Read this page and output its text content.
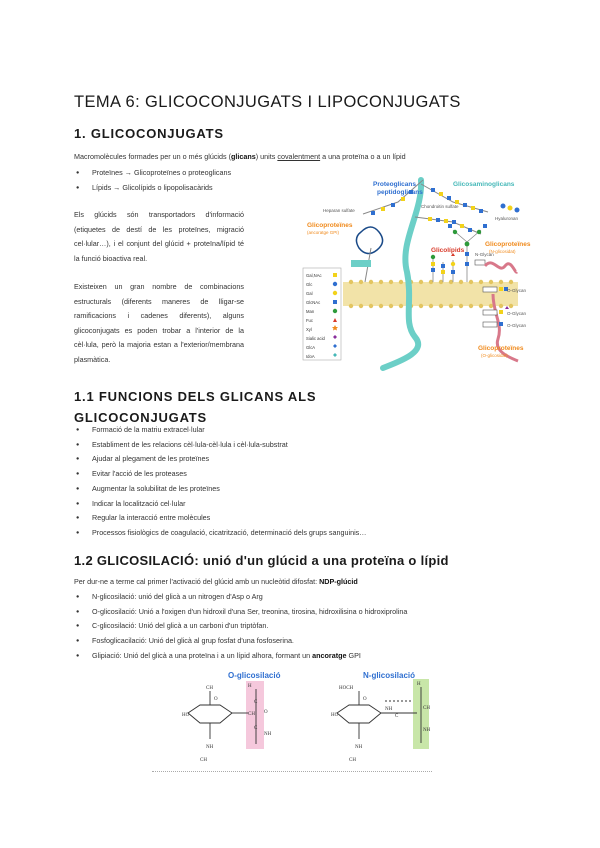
TEMA 6: GLICOCONJUGATS I LIPOCONJUGATS
1. GLICOCONJUGATS
Macromolècules formades per un o més glúcids (glicans) units covalentment a una proteïna o a un lípid
● Proteïnes → Glicoproteïnes o proteoglicans
● Lípids → Glicolípids o lipopolisacàrids

Els glúcids són transportadors d'informació (etiquetes de destí de les proteïnes, migració cel·lular…), i el conjunt del glúcid + proteïna/lípid té la funció bioactiva real.

Existeixen un gran nombre de combinacions estructurals (diferents maneres de lligar-se ramificacions i cadenes diferents), alguns glicoconjugats es poden trobar a l'interior de la cèl·lula, però la majoria estan a l'exterior/membrana plasmàtica.

Gal,NAc
Glc
Gal
GlcNAc
Man
Fuc
Xyl
Sialic acid
GlcA
IdoA
Proteoglicans
peptidoglicans
Glicosaminoglicans
Glicoproteïnes
Glicolípids
Glicoproteïnes
Glicoproteïnes
Heparan sulfate
Chondroitin sulfate
Hyaluronan
(ancoratge GPI)
(N-glicosidat)
(O-glicosidat)
N-Glycan
O-Glycan
O-Glycan
O-Glycan
1.1 FUNCIONS DELS GLICANS ALS
GLICOCONJUGATS
● Formació de la matriu extracel·lular
● Establiment de les relacions cèl·lula-cèl·lula i cèl·lula-substrat
● Ajudar al plegament de les proteïnes
● Evitar l'acció de les proteases
● Augmentar la solubilitat de les proteïnes
● Indicar la localització cel·lular
● Regular la interacció entre molècules
● Processos fisiològics de coagulació, cicatrització, determinació dels grups sanguinis…
1.2 GLICOSILACIÓ: unió d'un glúcid a una proteïna o lípid
Per dur-ne a terme cal primer l'activació del glúcid amb un nucleòtid difosfat: NDP-glúcid
● N-glicosilació: unió del glicà a un nitrogen d'Asp o Arg
● O-glicosilació: Unió a l'oxigen d'un hidroxil d'una Ser, treonina, tirosina, hidroxilisina o hidroxiprolina
● C-glicosilació: Unió del glicà a un carboni d'un triptòfan.
● Fosfoglicacilació: Unió del glicà al grup fosfat d'una fosfoserina.
● Glipiació: Unió del glicà a una proteïna i a un lípid alhora, formant un ancoratge GPI
O-glicosilació
CH
HO
O
H
CH
C
C
NH
CH
O
NH
N-glicosilació
HOCH
HO
O
NH
C
H
CH
NH
CH
NH
